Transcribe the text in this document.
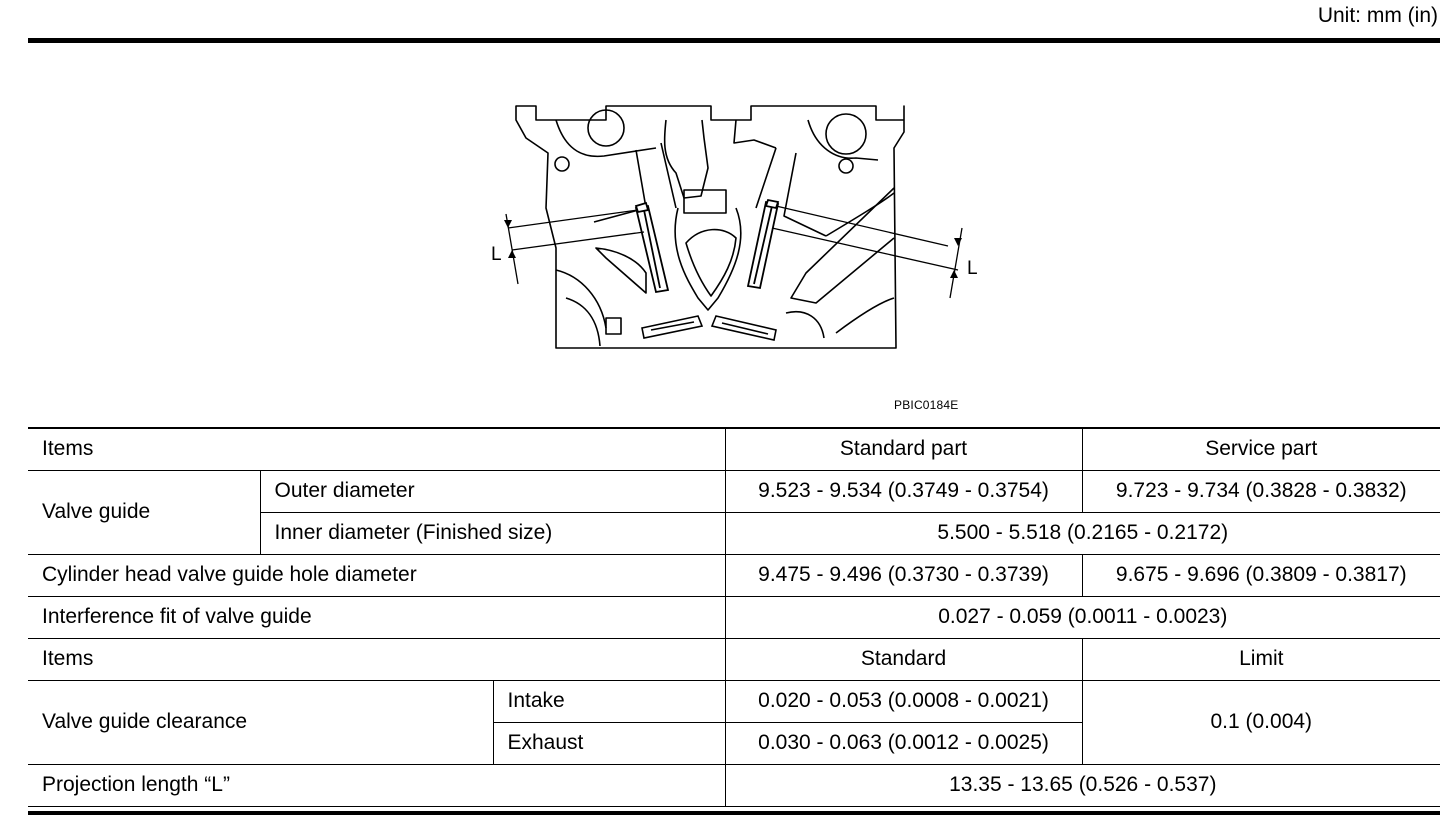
Unit: mm (in)
L
L
PBIC0184E
Items			Standard part	Service part
Valve guide	Outer diameter		9.523 - 9.534 (0.3749 - 0.3754)	9.723 - 9.734 (0.3828 - 0.3832)
	Inner diameter (Finished size)		5.500 - 5.518 (0.2165 - 0.2172)	
Cylinder head valve guide hole diameter			9.475 - 9.496 (0.3730 - 0.3739)	9.675 - 9.696 (0.3809 - 0.3817)
Interference fit of valve guide			0.027 - 0.059 (0.0011 - 0.0023)	
Items			Standard	Limit
Valve guide clearance		Intake	0.020 - 0.053 (0.0008 - 0.0021)	0.1 (0.004)
		Exhaust	0.030 - 0.063 (0.0012 - 0.0025)	
Projection length “L”			13.35 - 13.65 (0.526 - 0.537)	
